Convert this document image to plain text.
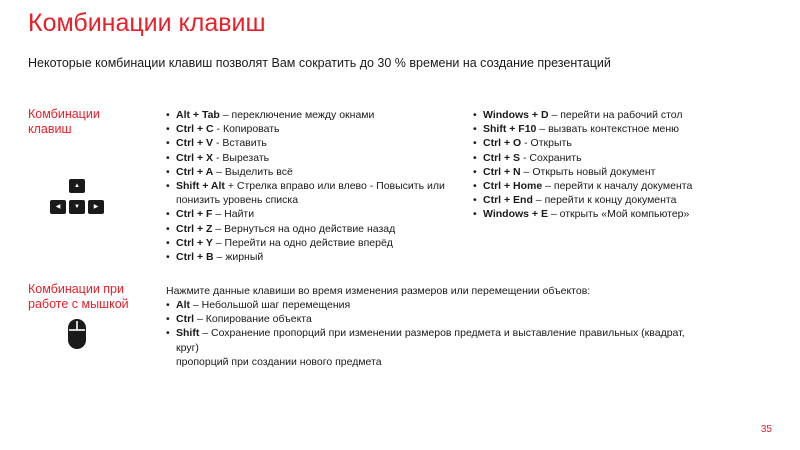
Комбинации клавиш
Некоторые комбинации клавиш позволят Вам сократить до 30 % времени на создание презентаций
Комбинации клавиш
▲
◀	▼	▶
• Alt + Tab – переключение между окнами
• Ctrl + C - Копировать
• Ctrl + V - Вставить
• Ctrl + X - Вырезать
• Ctrl + A – Выделить всё
• Shift + Alt + Стрелка вправо или влево - Повысить или понизить уровень списка
• Ctrl + F – Найти
• Ctrl + Z – Вернуться на одно действие назад
• Ctrl + Y – Перейти на одно действие вперёд
• Ctrl + B – жирный
• Windows + D – перейти на рабочий стол
• Shift + F10 – вызвать контекстное меню
• Ctrl + O - Открыть
• Ctrl + S - Сохранить
• Ctrl + N – Открыть новый документ
• Ctrl + Home – перейти к началу документа
• Ctrl + End – перейти к концу документа
• Windows + E – открыть «Мой компьютер»
Комбинации при работе с мышкой
Нажмите данные клавиши во время изменения размеров или перемещении объектов:
• Alt – Небольшой шаг перемещения
• Ctrl – Копирование объекта
• Shift – Сохранение пропорций при изменении размеров предмета и выставление правильных (квадрат, круг)
пропорций при создании нового предмета
35
